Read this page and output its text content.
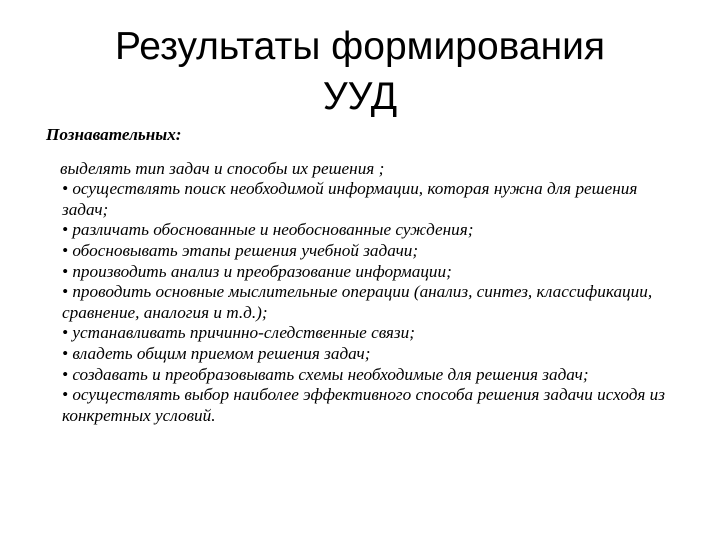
Результаты формирования
УУД
Познавательных:
выделять тип задач и способы их решения ;
• осуществлять поиск необходимой информации, которая нужна для решения задач;
• различать обоснованные и необоснованные суждения;
• обосновывать этапы решения учебной задачи;
• производить анализ и преобразование информации;
• проводить основные мыслительные операции (анализ, синтез, классификации, сравнение, аналогия и т.д.);
• устанавливать причинно-следственные связи;
• владеть общим приемом решения задач;
• создавать и преобразовывать схемы необходимые для решения задач;
• осуществлять выбор наиболее эффективного способа решения задачи исходя из конкретных условий.
